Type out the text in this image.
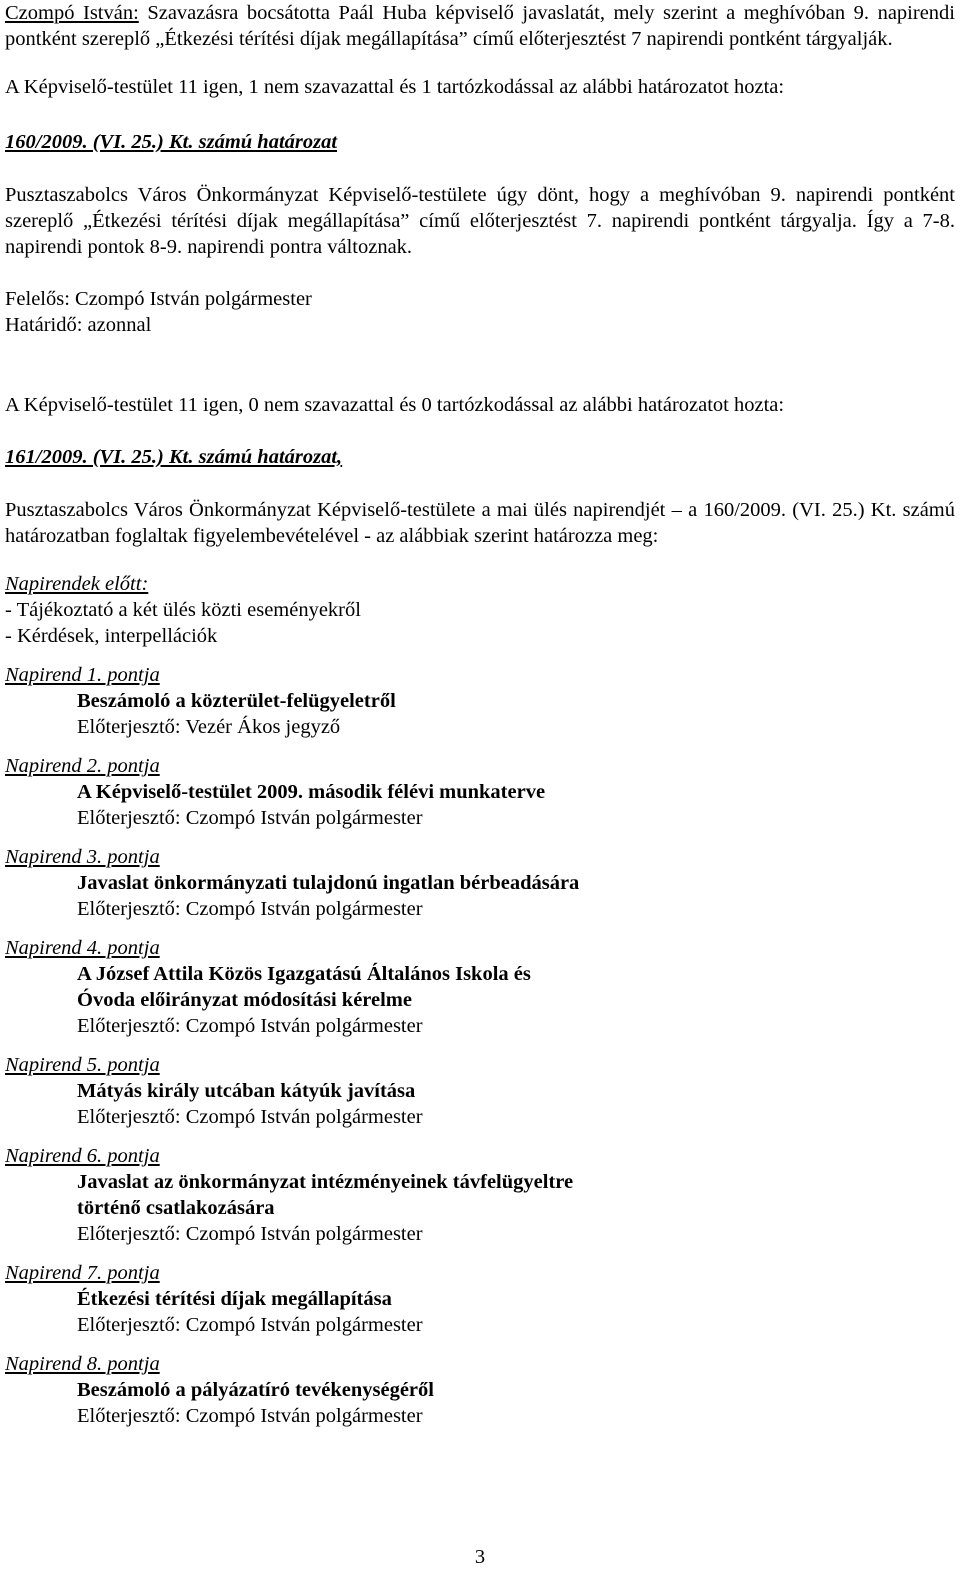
Czompó István: Szavazásra bocsátotta Paál Huba képviselő javaslatát, mely szerint a meghívóban 9. napirendi pontként szereplő „Étkezési térítési díjak megállapítása” című előterjesztést 7 napirendi pontként tárgyalják.

A Képviselő-testület 11 igen, 1 nem szavazattal és 1 tartózkodással az alábbi határozatot hozta:

160/2009. (VI. 25.) Kt. számú határozat

Pusztaszabolcs Város Önkormányzat Képviselő-testülete úgy dönt, hogy a meghívóban 9. napirendi pontként szereplő „Étkezési térítési díjak megállapítása” című előterjesztést 7. napirendi pontként tárgyalja. Így a 7-8. napirendi pontok 8-9. napirendi pontra változnak.

Felelős: Czompó István polgármester

Határidő: azonnal

A Képviselő-testület 11 igen, 0 nem szavazattal és 0 tartózkodással az alábbi határozatot hozta:

161/2009. (VI. 25.) Kt. számú határozat,

Pusztaszabolcs Város Önkormányzat Képviselő-testülete a mai ülés napirendjét – a 160/2009. (VI. 25.) Kt. számú határozatban foglaltak figyelembevételével - az alábbiak szerint határozza meg:

Napirendek előtt:

- Tájékoztató a két ülés közti eseményekről

- Kérdések, interpellációk

Napirend 1. pontja

Beszámoló a közterület-felügyeletről

Előterjesztő: Vezér Ákos jegyző

Napirend 2. pontja

A Képviselő-testület 2009. második félévi munkaterve

Előterjesztő: Czompó István polgármester

Napirend 3. pontja

Javaslat önkormányzati tulajdonú ingatlan bérbeadására

Előterjesztő: Czompó István polgármester

Napirend 4. pontja

A József Attila Közös Igazgatású Általános Iskola és

Óvoda előirányzat módosítási kérelme

Előterjesztő: Czompó István polgármester

Napirend 5. pontja

Mátyás király utcában kátyúk javítása

Előterjesztő: Czompó István polgármester

Napirend 6. pontja

Javaslat az önkormányzat intézményeinek távfelügyeltre

történő csatlakozására

Előterjesztő: Czompó István polgármester

Napirend 7. pontja

Étkezési térítési díjak megállapítása

Előterjesztő: Czompó István polgármester

Napirend 8. pontja

Beszámoló a pályázatíró tevékenységéről

Előterjesztő: Czompó István polgármester

3
